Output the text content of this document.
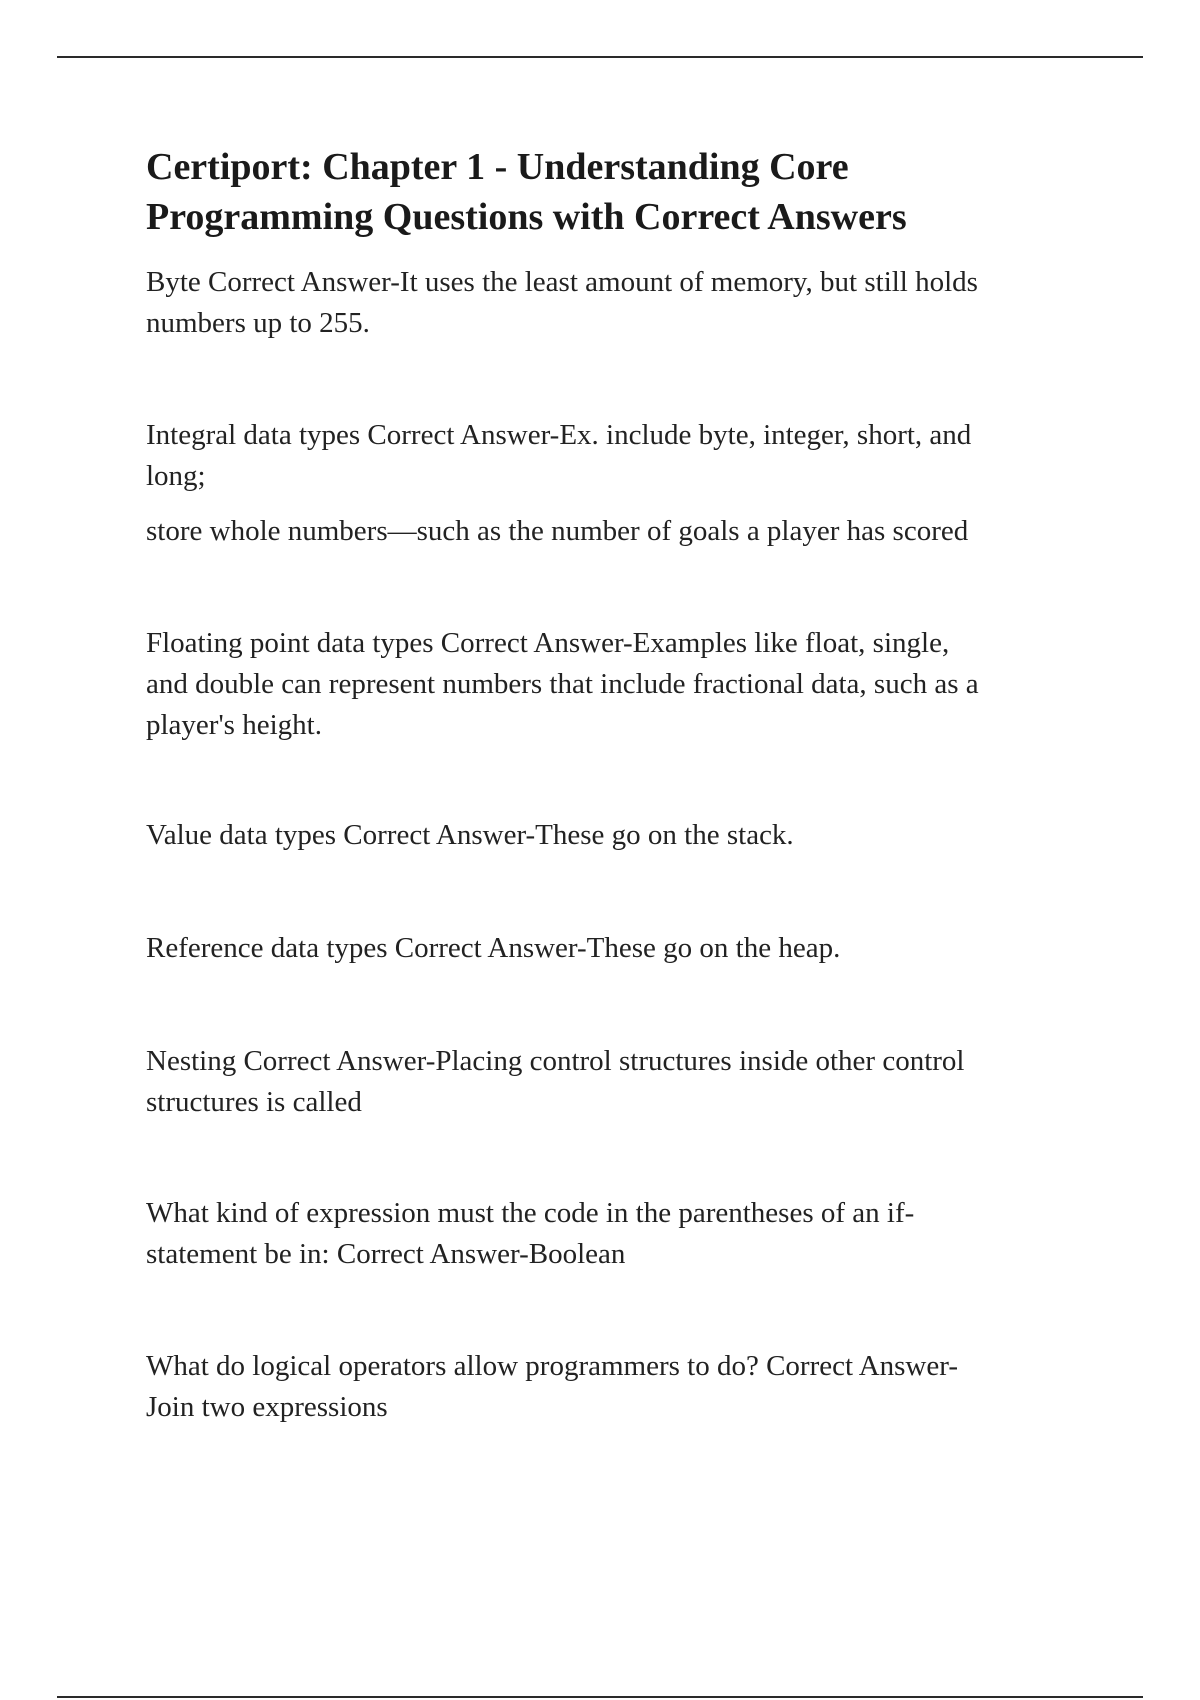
Certiport: Chapter 1 - Understanding Core
Programming Questions with Correct Answers

Byte Correct Answer-It uses the least amount of memory, but still holds
numbers up to 255.

Integral data types Correct Answer-Ex. include byte, integer, short, and
long;

store whole numbers—such as the number of goals a player has scored

Floating point data types Correct Answer-Examples like float, single,
and double can represent numbers that include fractional data, such as a
player's height.

Value data types Correct Answer-These go on the stack.

Reference data types Correct Answer-These go on the heap.

Nesting Correct Answer-Placing control structures inside other control
structures is called

What kind of expression must the code in the parentheses of an if-
statement be in: Correct Answer-Boolean

What do logical operators allow programmers to do? Correct Answer-
Join two expressions
